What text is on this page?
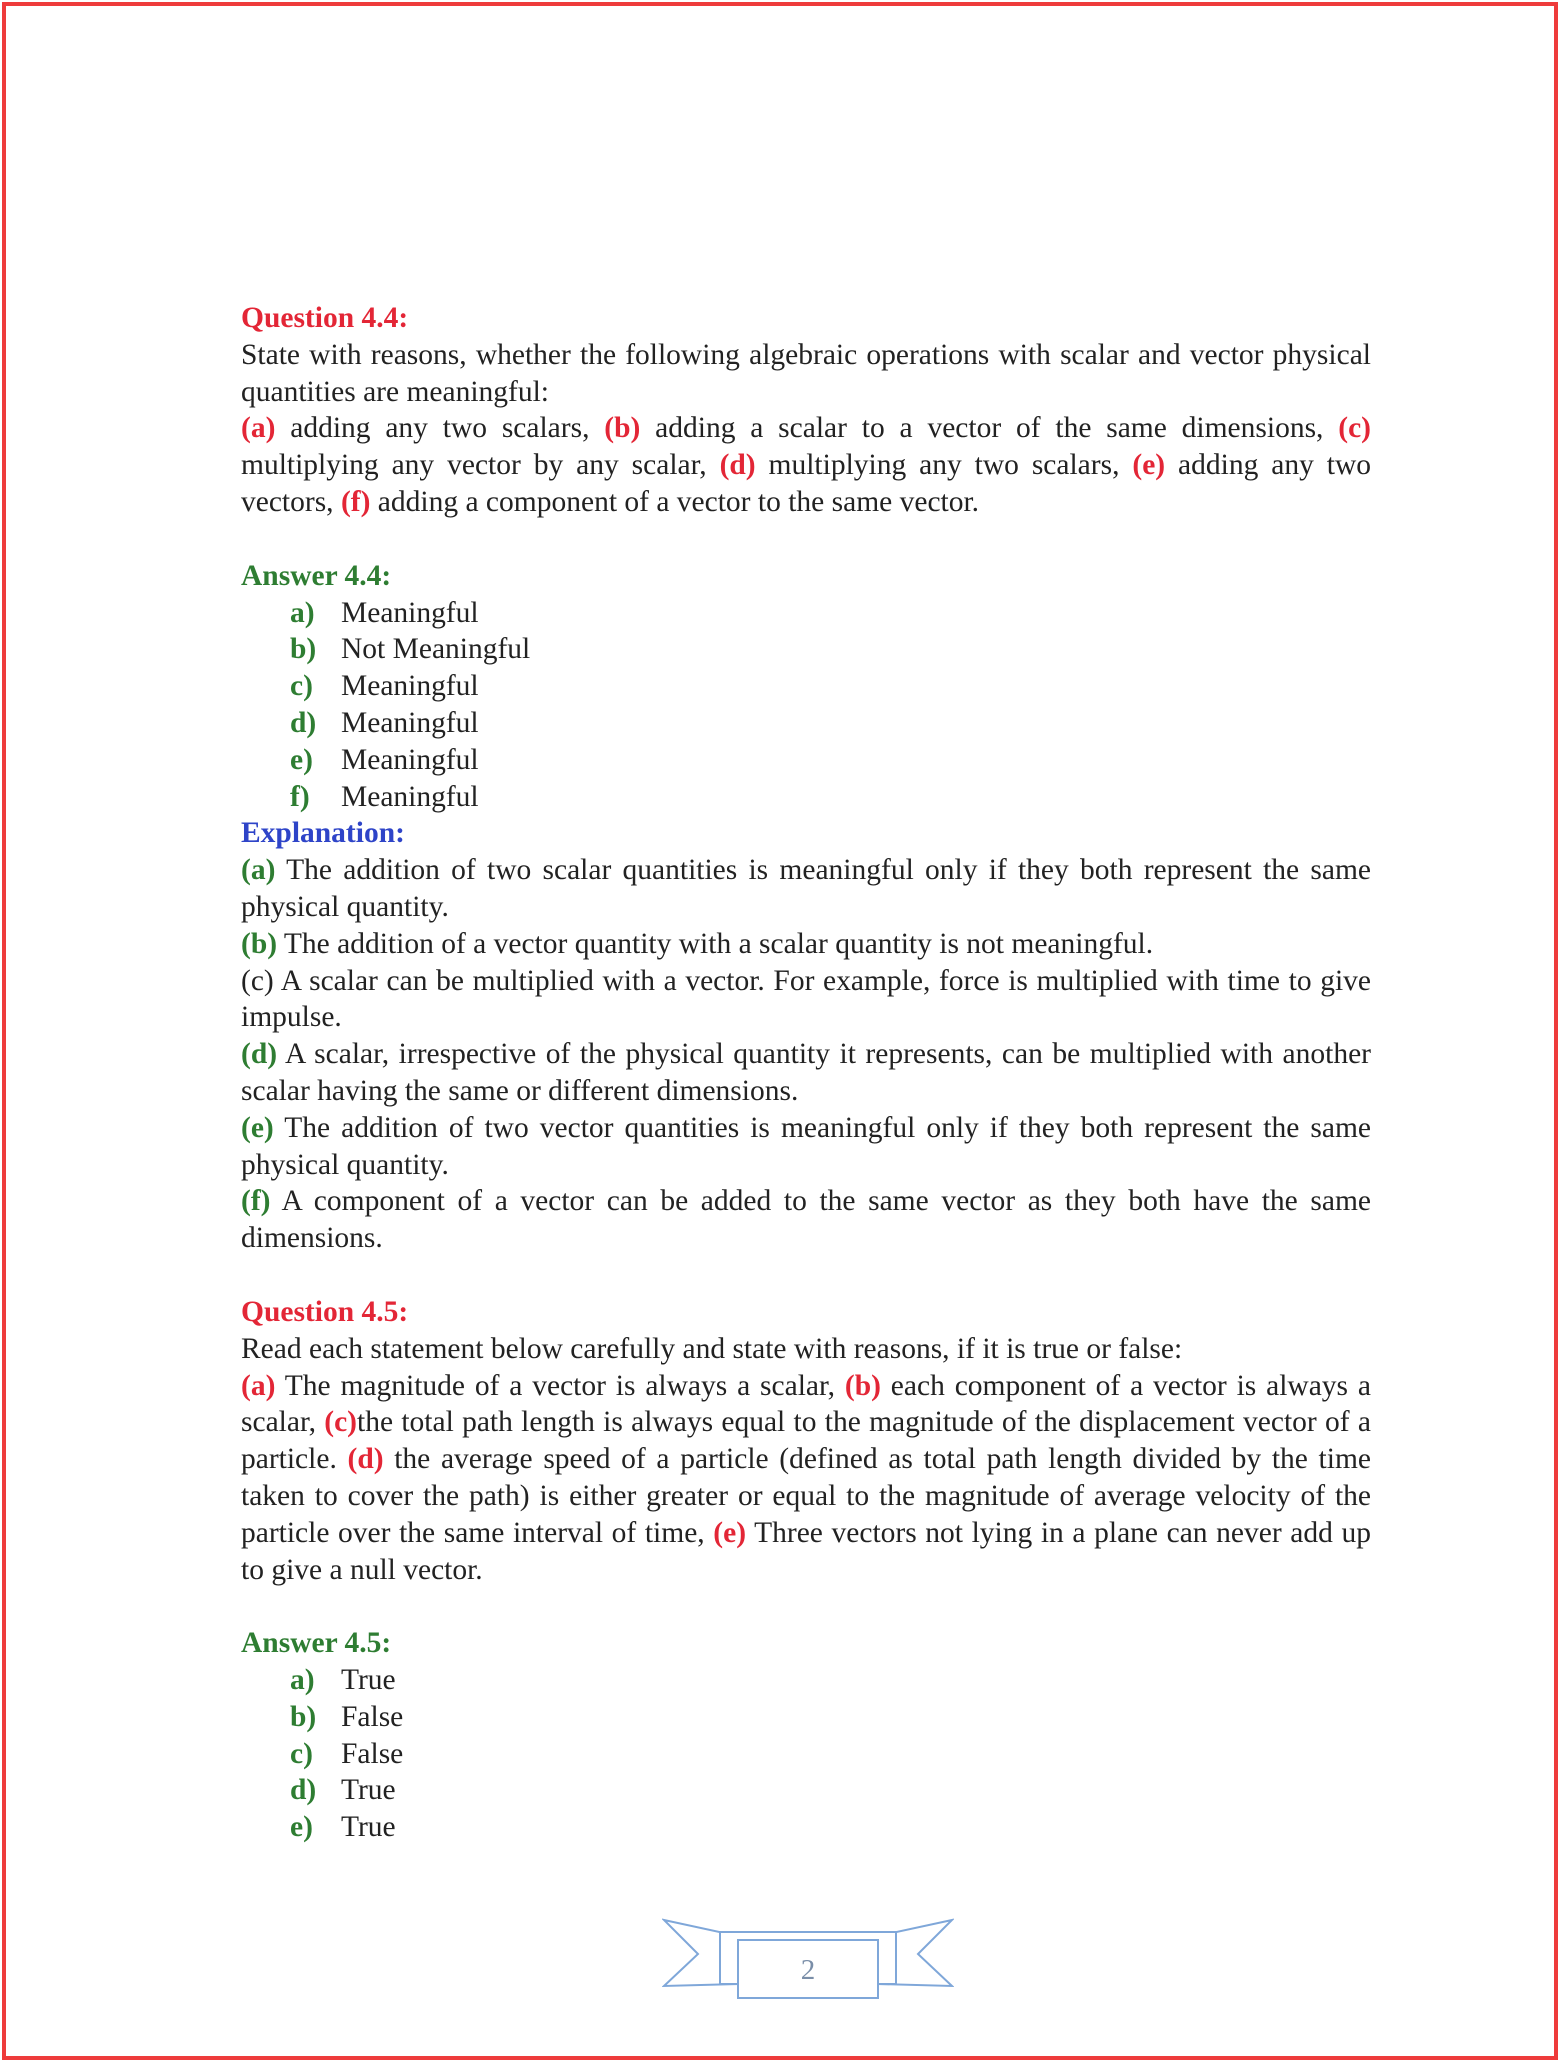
Question 4.4:
State with reasons, whether the following algebraic operations with scalar and vector physical quantities are meaningful:
(a) adding any two scalars, (b) adding a scalar to a vector of the same dimensions, (c) multiplying any vector by any scalar, (d) multiplying any two scalars, (e) adding any two vectors, (f) adding a component of a vector to the same vector.
Answer 4.4:
a) Meaningful
b) Not Meaningful
c) Meaningful
d) Meaningful
e) Meaningful
f) Meaningful
Explanation:
(a) The addition of two scalar quantities is meaningful only if they both represent the same physical quantity.
(b) The addition of a vector quantity with a scalar quantity is not meaningful.
(c) A scalar can be multiplied with a vector. For example, force is multiplied with time to give impulse.
(d) A scalar, irrespective of the physical quantity it represents, can be multiplied with another scalar having the same or different dimensions.
(e) The addition of two vector quantities is meaningful only if they both represent the same physical quantity.
(f) A component of a vector can be added to the same vector as they both have the same dimensions.
Question 4.5:
Read each statement below carefully and state with reasons, if it is true or false:
(a) The magnitude of a vector is always a scalar, (b) each component of a vector is always a scalar, (c)the total path length is always equal to the magnitude of the displacement vector of a particle. (d) the average speed of a particle (defined as total path length divided by the time taken to cover the path) is either greater or equal to the magnitude of average velocity of the particle over the same interval of time, (e) Three vectors not lying in a plane can never add up to give a null vector.
Answer 4.5:
a) True
b) False
c) False
d) True
e) True
2
